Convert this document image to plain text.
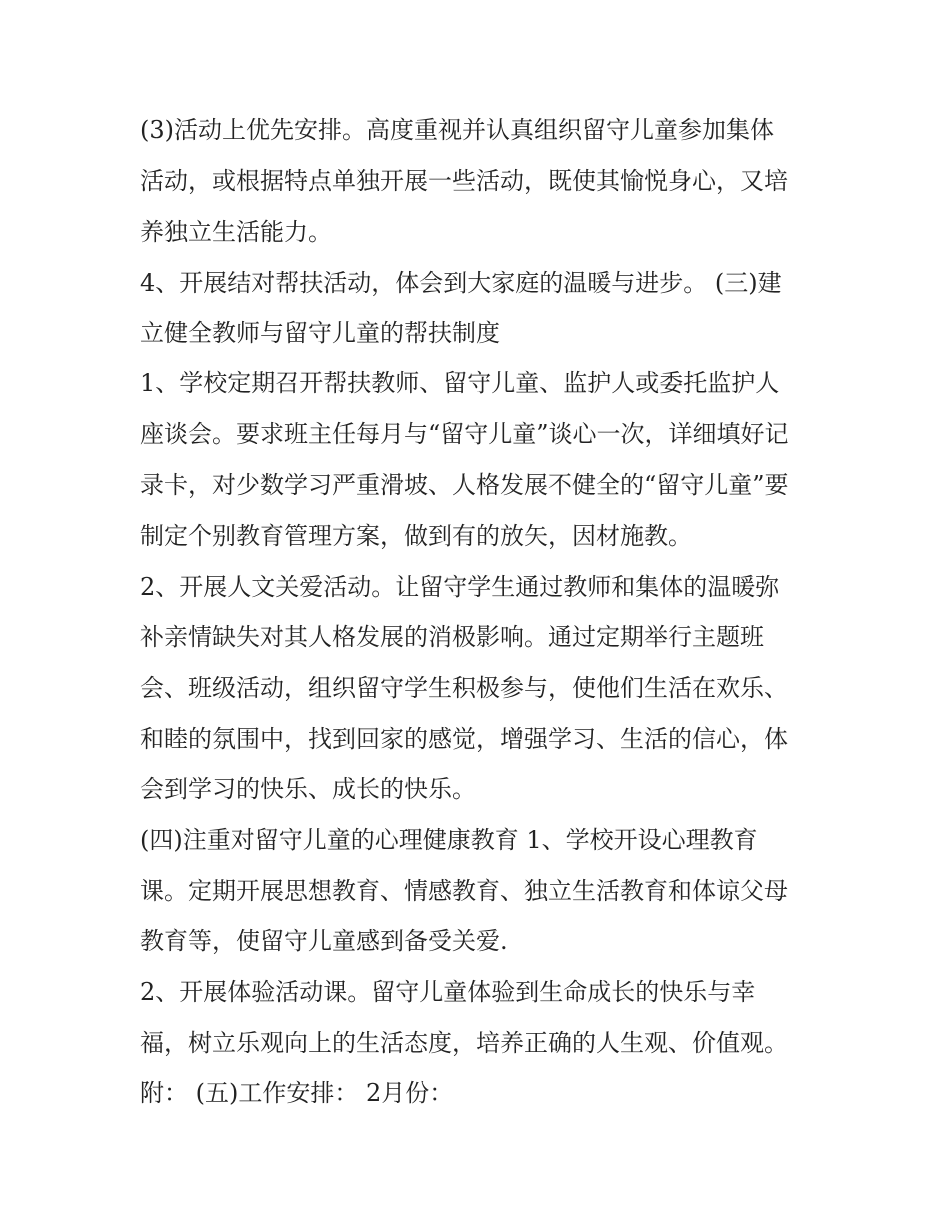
(3)活动上优先安排。高度重视并认真组织留守儿童参加集体
活动，或根据特点单独开展一些活动，既使其愉悦身心，又培
养独立生活能力。
4、开展结对帮扶活动，体会到大家庭的温暖与进步。 (三)建
立健全教师与留守儿童的帮扶制度
1、学校定期召开帮扶教师、留守儿童、监护人或委托监护人
座谈会。要求班主任每月与“留守儿童”谈心一次，详细填好记
录卡，对少数学习严重滑坡、人格发展不健全的“留守儿童”要
制定个别教育管理方案，做到有的放矢，因材施教。
2、开展人文关爱活动。让留守学生通过教师和集体的温暖弥
补亲情缺失对其人格发展的消极影响。通过定期举行主题班
会、班级活动，组织留守学生积极参与，使他们生活在欢乐、
和睦的氛围中，找到回家的感觉，增强学习、生活的信心，体
会到学习的快乐、成长的快乐。
(四)注重对留守儿童的心理健康教育 1、学校开设心理教育
课。定期开展思想教育、情感教育、独立生活教育和体谅父母
教育等，使留守儿童感到备受关爱.
2、开展体验活动课。留守儿童体验到生命成长的快乐与幸
福，树立乐观向上的生活态度，培养正确的人生观、价值观。
附： (五)工作安排： 2月份：
